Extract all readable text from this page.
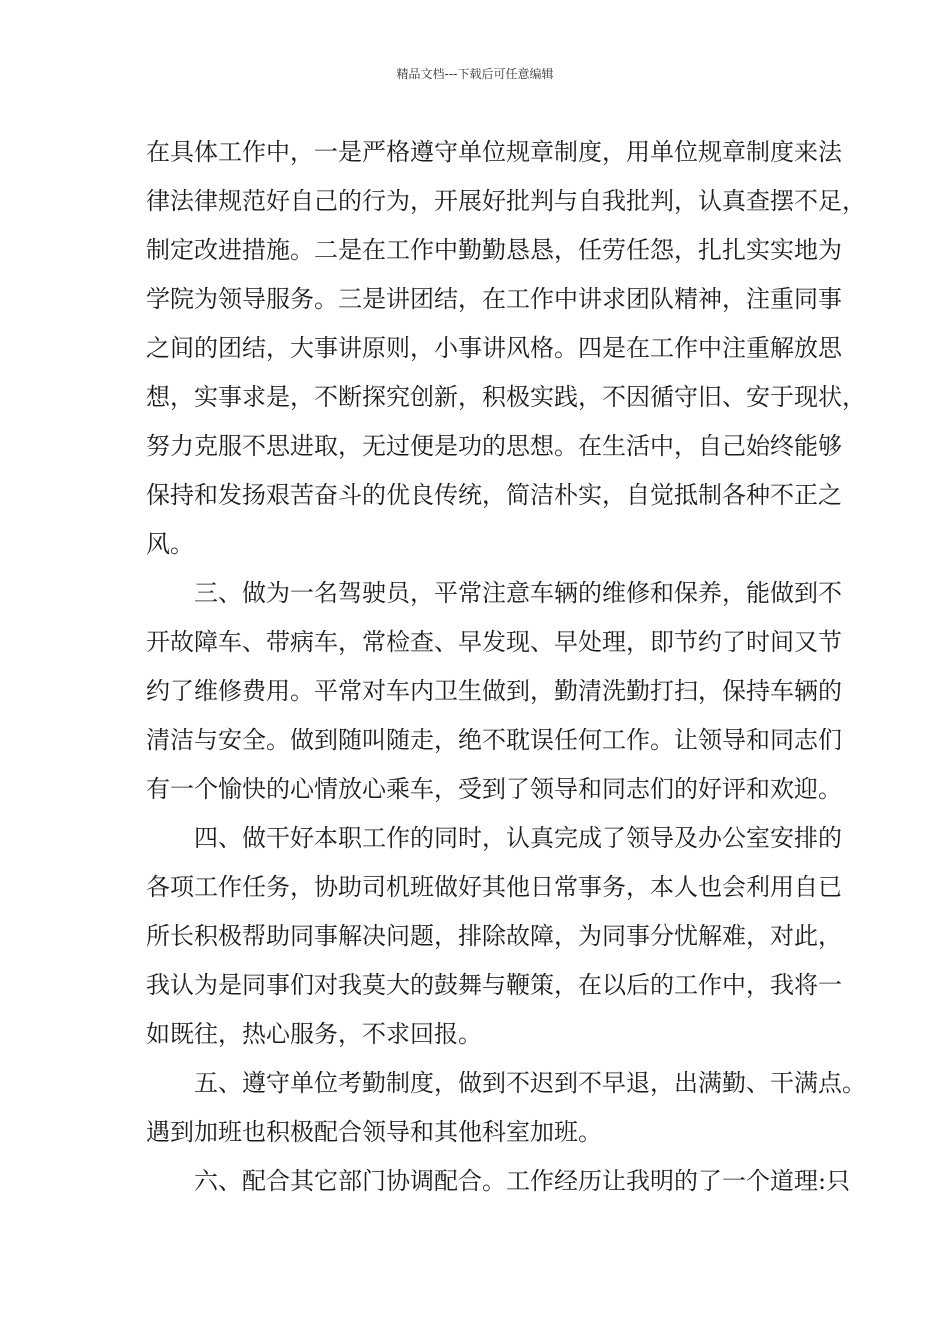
精品文档---下载后可任意编辑
在具体工作中，一是严格遵守单位规章制度，用单位规章制度来法
律法律规范好自己的行为，开展好批判与自我批判，认真查摆不足，
制定改进措施。二是在工作中勤勤恳恳，任劳任怨，扎扎实实地为
学院为领导服务。三是讲团结，在工作中讲求团队精神，注重同事
之间的团结，大事讲原则，小事讲风格。四是在工作中注重解放思
想，实事求是，不断探究创新，积极实践，不因循守旧、安于现状，
努力克服不思进取，无过便是功的思想。在生活中，自己始终能够
保持和发扬艰苦奋斗的优良传统，简洁朴实，自觉抵制各种不正之
风。
三、做为一名驾驶员，平常注意车辆的维修和保养，能做到不
开故障车、带病车，常检查、早发现、早处理，即节约了时间又节
约了维修费用。平常对车内卫生做到，勤清洗勤打扫，保持车辆的
清洁与安全。做到随叫随走，绝不耽误任何工作。让领导和同志们
有一个愉快的心情放心乘车，受到了领导和同志们的好评和欢迎。
四、做干好本职工作的同时，认真完成了领导及办公室安排的
各项工作任务，协助司机班做好其他日常事务，本人也会利用自已
所长积极帮助同事解决问题，排除故障，为同事分忧解难，对此，
我认为是同事们对我莫大的鼓舞与鞭策，在以后的工作中，我将一
如既往，热心服务，不求回报。
五、遵守单位考勤制度，做到不迟到不早退，出满勤、干满点。
遇到加班也积极配合领导和其他科室加班。
六、配合其它部门协调配合。工作经历让我明的了一个道理:只
